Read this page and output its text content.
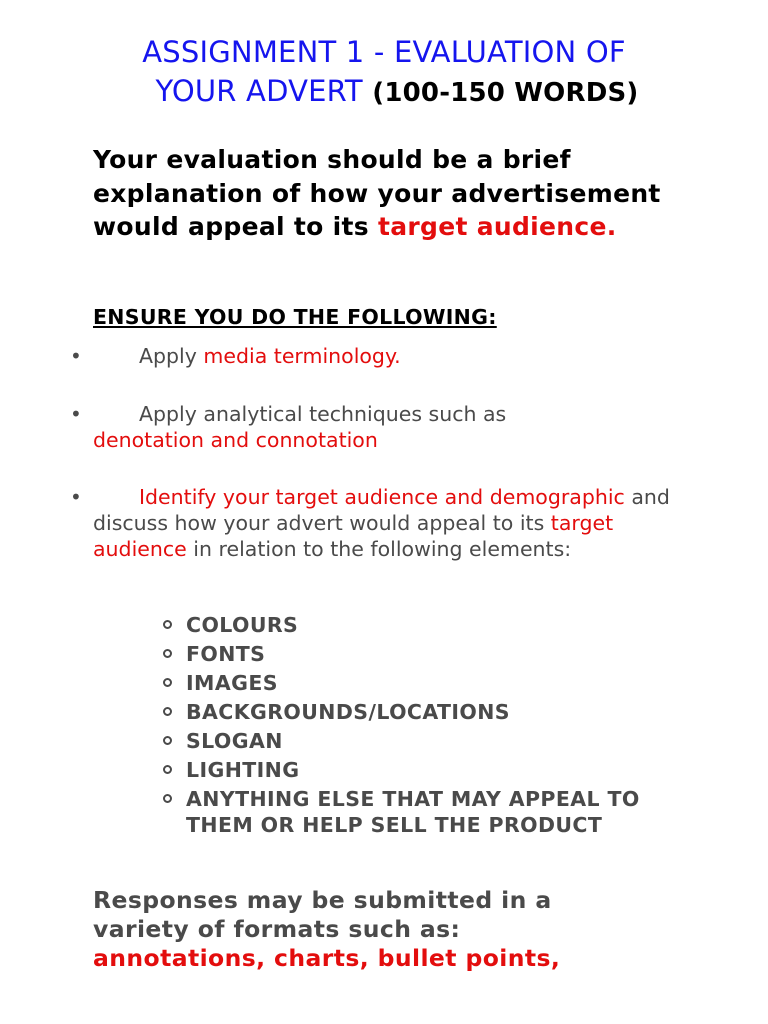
ASSIGNMENT 1 - EVALUATION OF
YOUR ADVERT (100-150 WORDS)

Your evaluation should be a brief explanation of how your advertisement would appeal to its target audience.

ENSURE YOU DO THE FOLLOWING:

•	Apply media terminology.
•	Apply analytical techniques such as
denotation and connotation
•	Identify your target audience and demographic and discuss how your advert would appeal to its target audience in relation to the following elements:
COLOURS
FONTS
IMAGES
BACKGROUNDS/LOCATIONS
SLOGAN
LIGHTING
ANYTHING ELSE THAT MAY APPEAL TO THEM OR HELP SELL THE PRODUCT

Responses may be submitted in a variety of formats such as:
annotations, charts, bullet points,
